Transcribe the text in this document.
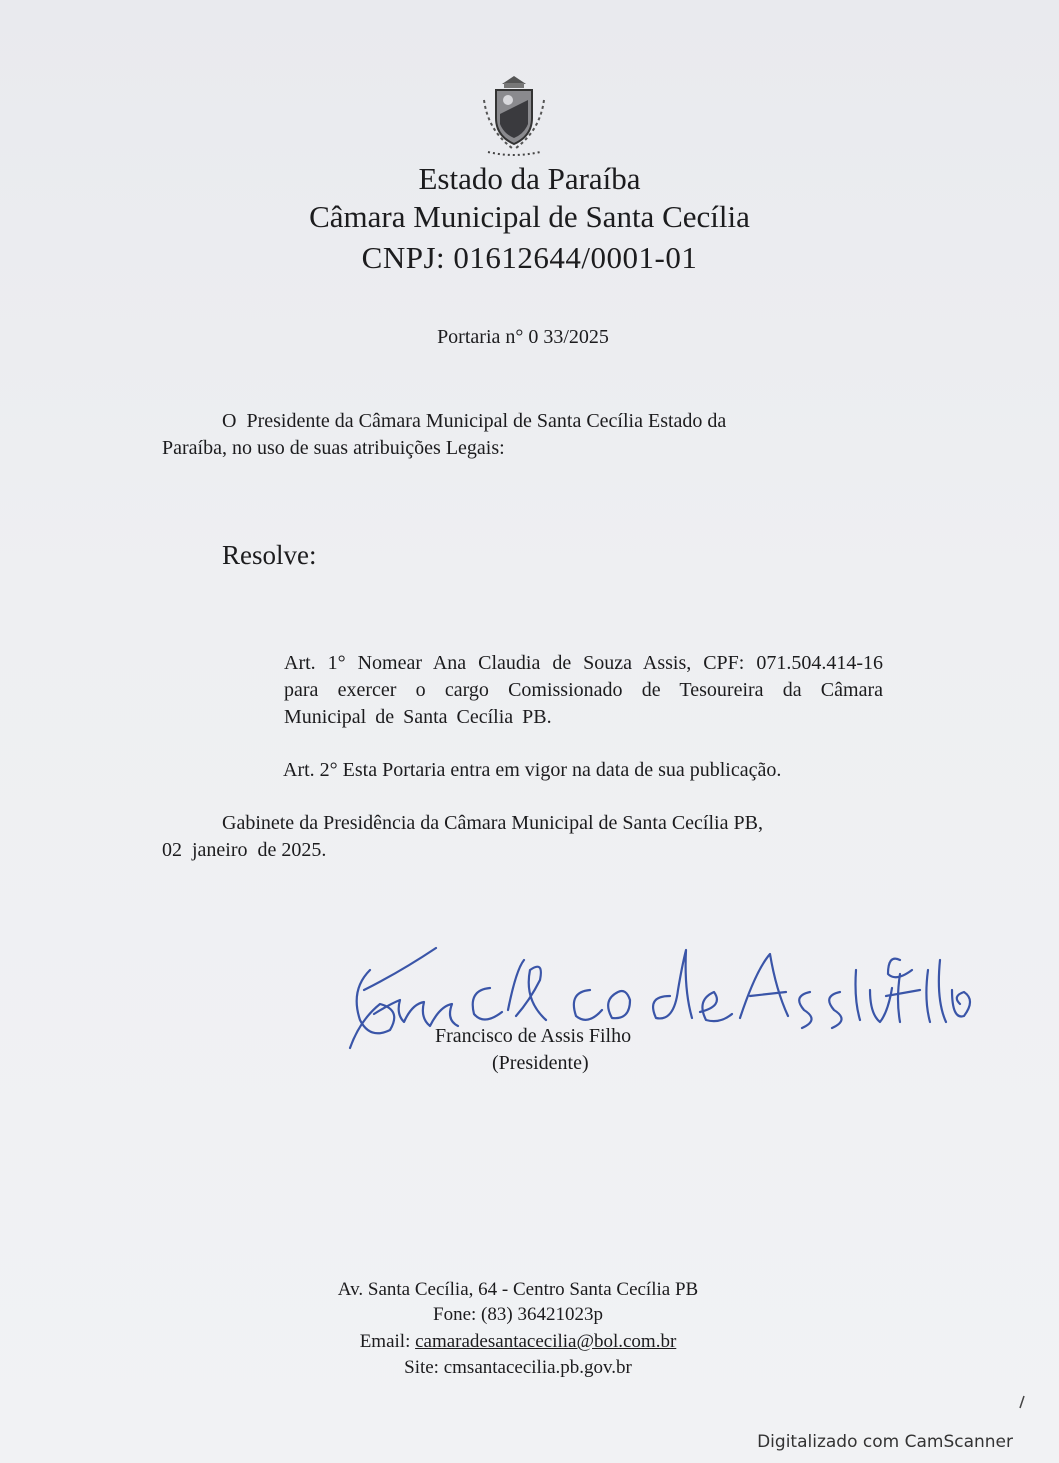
Estado da Paraíba
Câmara Municipal de Santa Cecília
CNPJ: 01612644/0001-01
Portaria n° 0 33/2025
O  Presidente da Câmara Municipal de Santa Cecília Estado da
Paraíba, no uso de suas atribuições Legais:
Resolve:
Art. 1° Nomear Ana Claudia de Souza Assis, CPF: 071.504.414-16 para exercer o cargo Comissionado de Tesoureira da Câmara Municipal de Santa Cecília PB.
Art. 2° Esta Portaria entra em vigor na data de sua publicação.
Gabinete da Presidência da Câmara Municipal de Santa Cecília PB,
02  janeiro  de 2025.
Francisco de Assis Filho
(Presidente)
Av. Santa Cecília, 64 - Centro Santa Cecília PB
Fone: (83) 36421023p
Email: camaradesantacecilia@bol.com.br
Site: cmsantacecilia.pb.gov.br
Digitalizado com CamScanner
